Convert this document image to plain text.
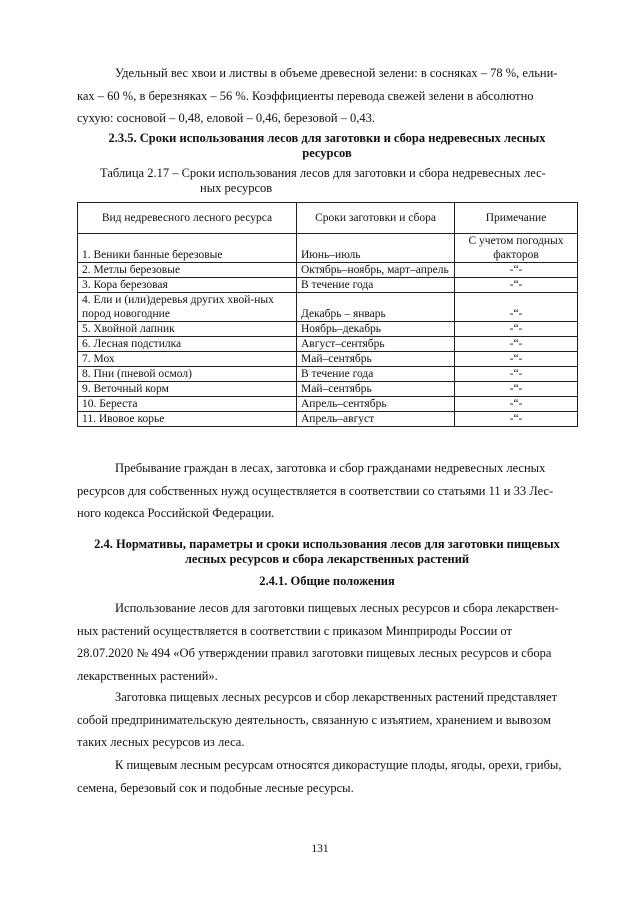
Удельный вес хвои и листвы в объеме древесной зелени: в сосняках – 78 %, ельни-
ках – 60 %, в березняках – 56 %. Коэффициенты перевода свежей зелени в абсолютно
сухую: сосновой – 0,48, еловой – 0,46, березовой – 0,43.

2.3.5. Сроки использования лесов для заготовки и сбора недревесных лесных
ресурсов
Таблица 2.17 – Сроки использования лесов для заготовки и сбора недревесных лес-
ных ресурсов
Вид недревесного лесного ресурса	Сроки заготовки и сбора	Примечание
1. Веники банные березовые	Июнь–июль	С учетом погодных факторов
2. Метлы березовые	Октябрь–ноябрь, март–апрель	-“-
3. Кора березовая	В течение года	-“-
4. Ели и (или)деревья других хвой-ных пород новогодние	Декабрь – январь	-“-
5. Хвойной лапник	Ноябрь–декабрь	-“-
6. Лесная подстилка	Август–сентябрь	-“-
7. Мох	Май–сентябрь	-“-
8. Пни (пневой осмол)	В течение года	-“-
9. Веточный корм	Май–сентябрь	-“-
10. Береста	Апрель–сентябрь	-“-
11. Ивовое корье	Апрель–август	-“-

Пребывание граждан в лесах, заготовка и сбор гражданами недревесных лесных
ресурсов для собственных нужд осуществляется в соответствии со статьями 11 и 33 Лес-
ного кодекса Российской Федерации.

2.4. Нормативы, параметры и сроки использования лесов для заготовки пищевых
лесных ресурсов и сбора лекарственных растений
2.4.1. Общие положения

Использование лесов для заготовки пищевых лесных ресурсов и сбора лекарствен-
ных растений осуществляется в соответствии с приказом Минприроды России от
28.07.2020 № 494 «Об утверждении правил заготовки пищевых лесных ресурсов и сбора
лекарственных растений».

Заготовка пищевых лесных ресурсов и сбор лекарственных растений представляет
собой предпринимательскую деятельность, связанную с изъятием, хранением и вывозом
таких лесных ресурсов из леса.

К пищевым лесным ресурсам относятся дикорастущие плоды, ягоды, орехи, грибы,
семена, березовый сок и подобные лесные ресурсы.

131
